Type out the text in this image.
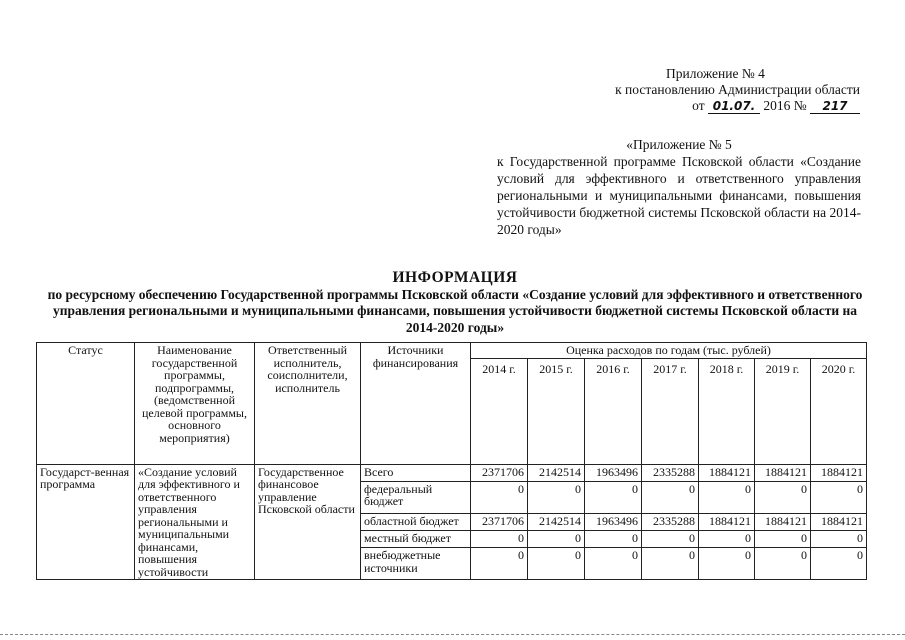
Приложение № 4
к постановлению Администрации области
от 01.07. 2016 № 217
«Приложение № 5
к Государственной программе Псковской области «Создание условий для эффективного и ответственного управления региональными и муниципальными финансами, повышения устойчивости бюджетной системы Псковской области на 2014-2020 годы»
ИНФОРМАЦИЯ
по ресурсному обеспечению Государственной программы Псковской области «Создание условий для эффективного и ответственного управления региональными и муниципальными финансами, повышения устойчивости бюджетной системы Псковской области на 2014-2020 годы»
Статус	Наименование государственной программы, подпрограммы, (ведомственной целевой программы, основного мероприятия)	Ответственный исполнитель, соисполнители, исполнитель	Источники финансирования	Оценка расходов по годам (тыс. рублей)						
				2014 г.	2015 г.	2016 г.	2017 г.	2018 г.	2019 г.	2020 г.
Государст-венная программа	«Создание условий для эффективного и ответственного управления региональными и муниципальными финансами, повышения устойчивости	Государственное финансовое управление Псковской области	Всего	2371706	2142514	1963496	2335288	1884121	1884121	1884121
			федеральный бюджет	0	0	0	0	0	0	0
			областной бюджет	2371706	2142514	1963496	2335288	1884121	1884121	1884121
			местный бюджет	0	0	0	0	0	0	0
			внебюджетные источники	0	0	0	0	0	0	0
